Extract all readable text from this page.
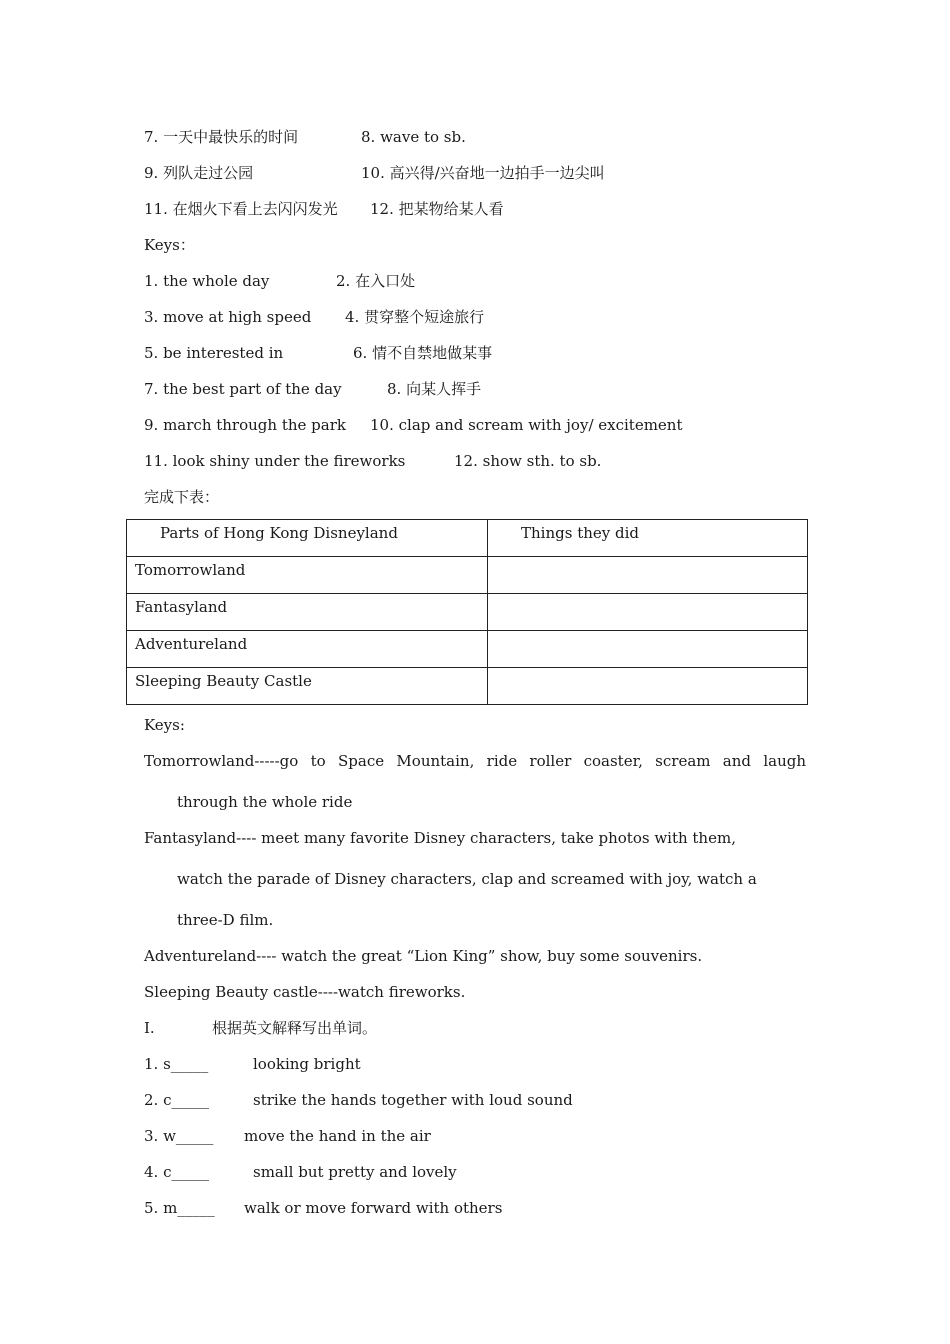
7. 一天中最快乐的时间	8. wave to sb.
9. 列队走过公园	10. 高兴得/兴奋地一边拍手一边尖叫
11. 在烟火下看上去闪闪发光 12. 把某物给某人看
Keys：
1. the whole day	2. 在入口处
3. move at high speed 4. 贯穿整个短途旅行
5. be interested in	6. 情不自禁地做某事
7. the best part of the day	8. 向某人挥手
9. march through the park 10. clap and scream with joy/ excitement
11. look shiny under the fireworks	12. show sth. to sb.
完成下表：
Parts of Hong Kong Disneyland	Things they did
Tomorrowland	
Fantasyland	
Adventureland	
Sleeping Beauty Castle	
Keys:
Tomorrowland-----go to Space Mountain, ride roller coaster, scream and laugh
through the whole ride
Fantasyland---- meet many favorite Disney characters, take photos with them,
watch the parade of Disney characters, clap and screamed with joy, watch a
three-D film.
Adventureland---- watch the great “Lion King” show, buy some souvenirs.
Sleeping Beauty castle----watch fireworks.
I.	根据英文解释写出单词。
1. s_____	looking bright
2. c_____	strike the hands together with loud sound
3. w_____ move the hand in the air
4. c_____	small but pretty and lovely
5. m_____ walk or move forward with others
